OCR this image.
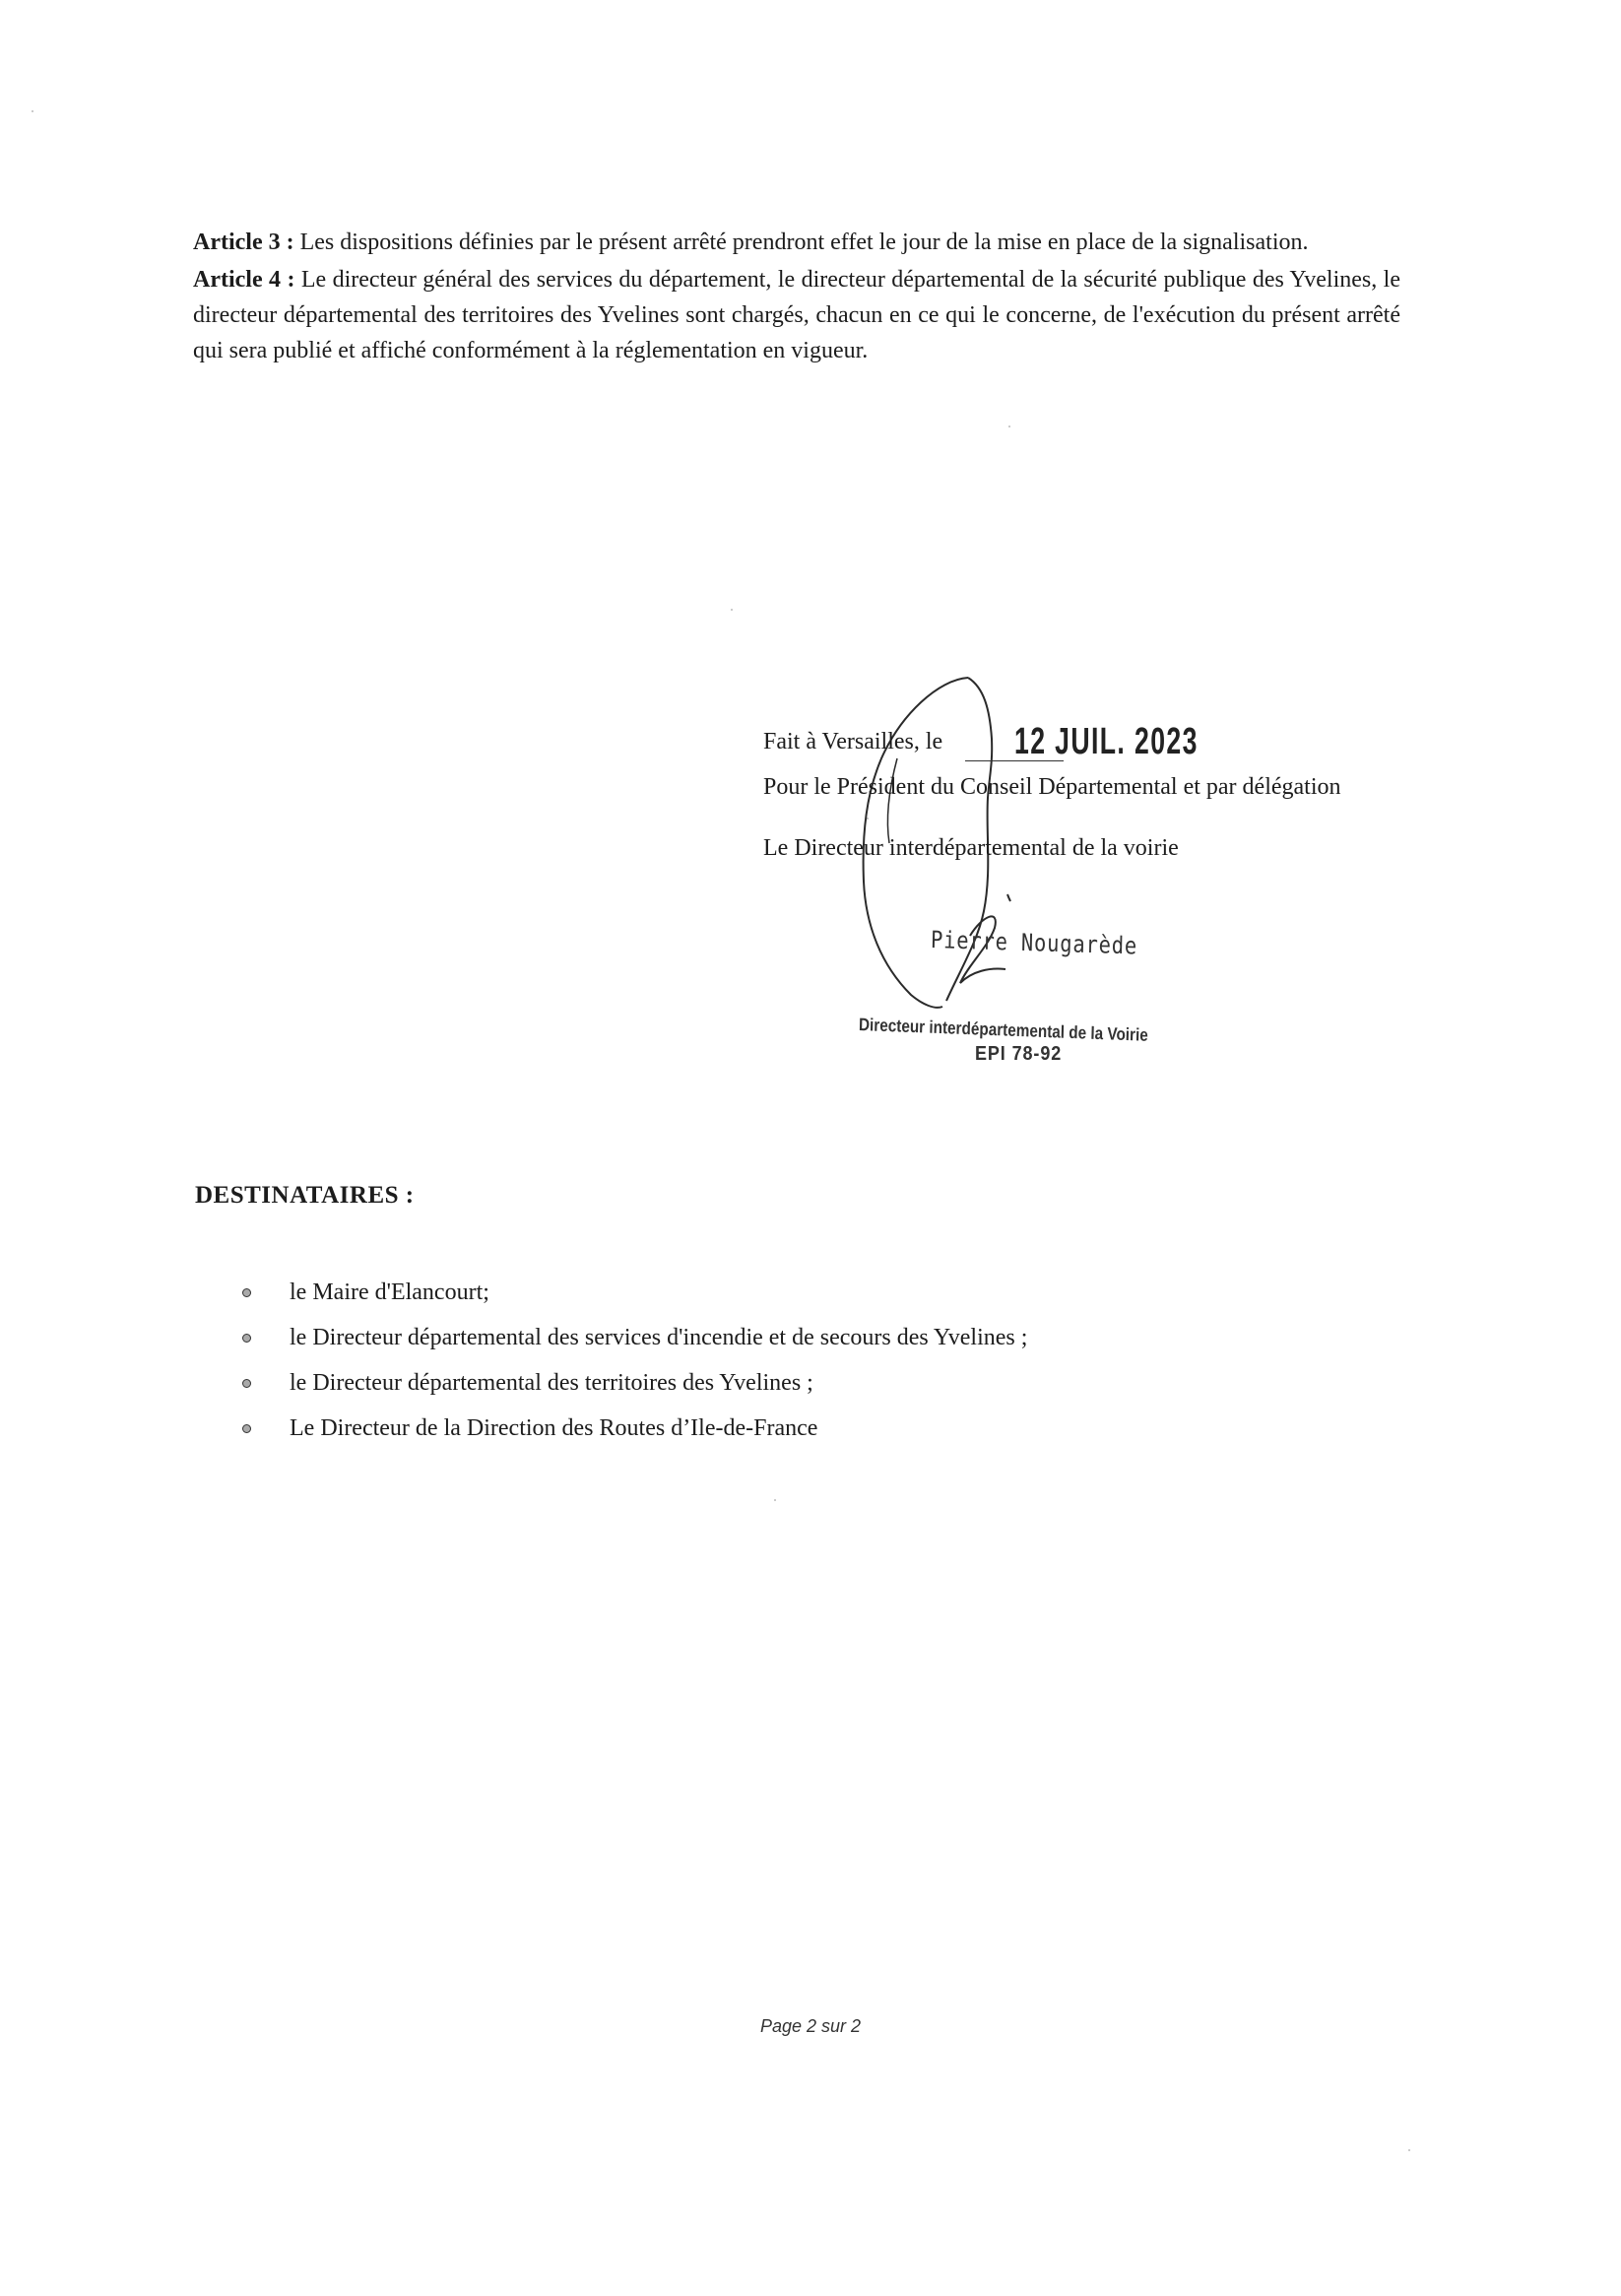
Article 3 : Les dispositions définies par le présent arrêté prendront effet le jour de la mise en place de la signalisation.

Article 4 : Le directeur général des services du département, le directeur départemental de la sécurité publique des Yvelines, le directeur départemental des territoires des Yvelines sont chargés, chacun en ce qui le concerne, de l'exécution du présent arrêté qui sera publié et affiché conformément à la réglementation en vigueur.

Fait à Versailles, le 12 JUIL. 2023
Pour le Président du Conseil Départemental et par délégation
Le Directeur interdépartemental de la voirie
Pierre Nougarède
Directeur interdépartemental de la Voirie
EPI 78-92
DESTINATAIRES :
le Maire d'Elancourt;
le Directeur départemental des services d'incendie et de secours des Yvelines ;
le Directeur départemental des territoires des Yvelines ;
Le Directeur de la Direction des Routes d’Ile-de-France
Page 2 sur 2
